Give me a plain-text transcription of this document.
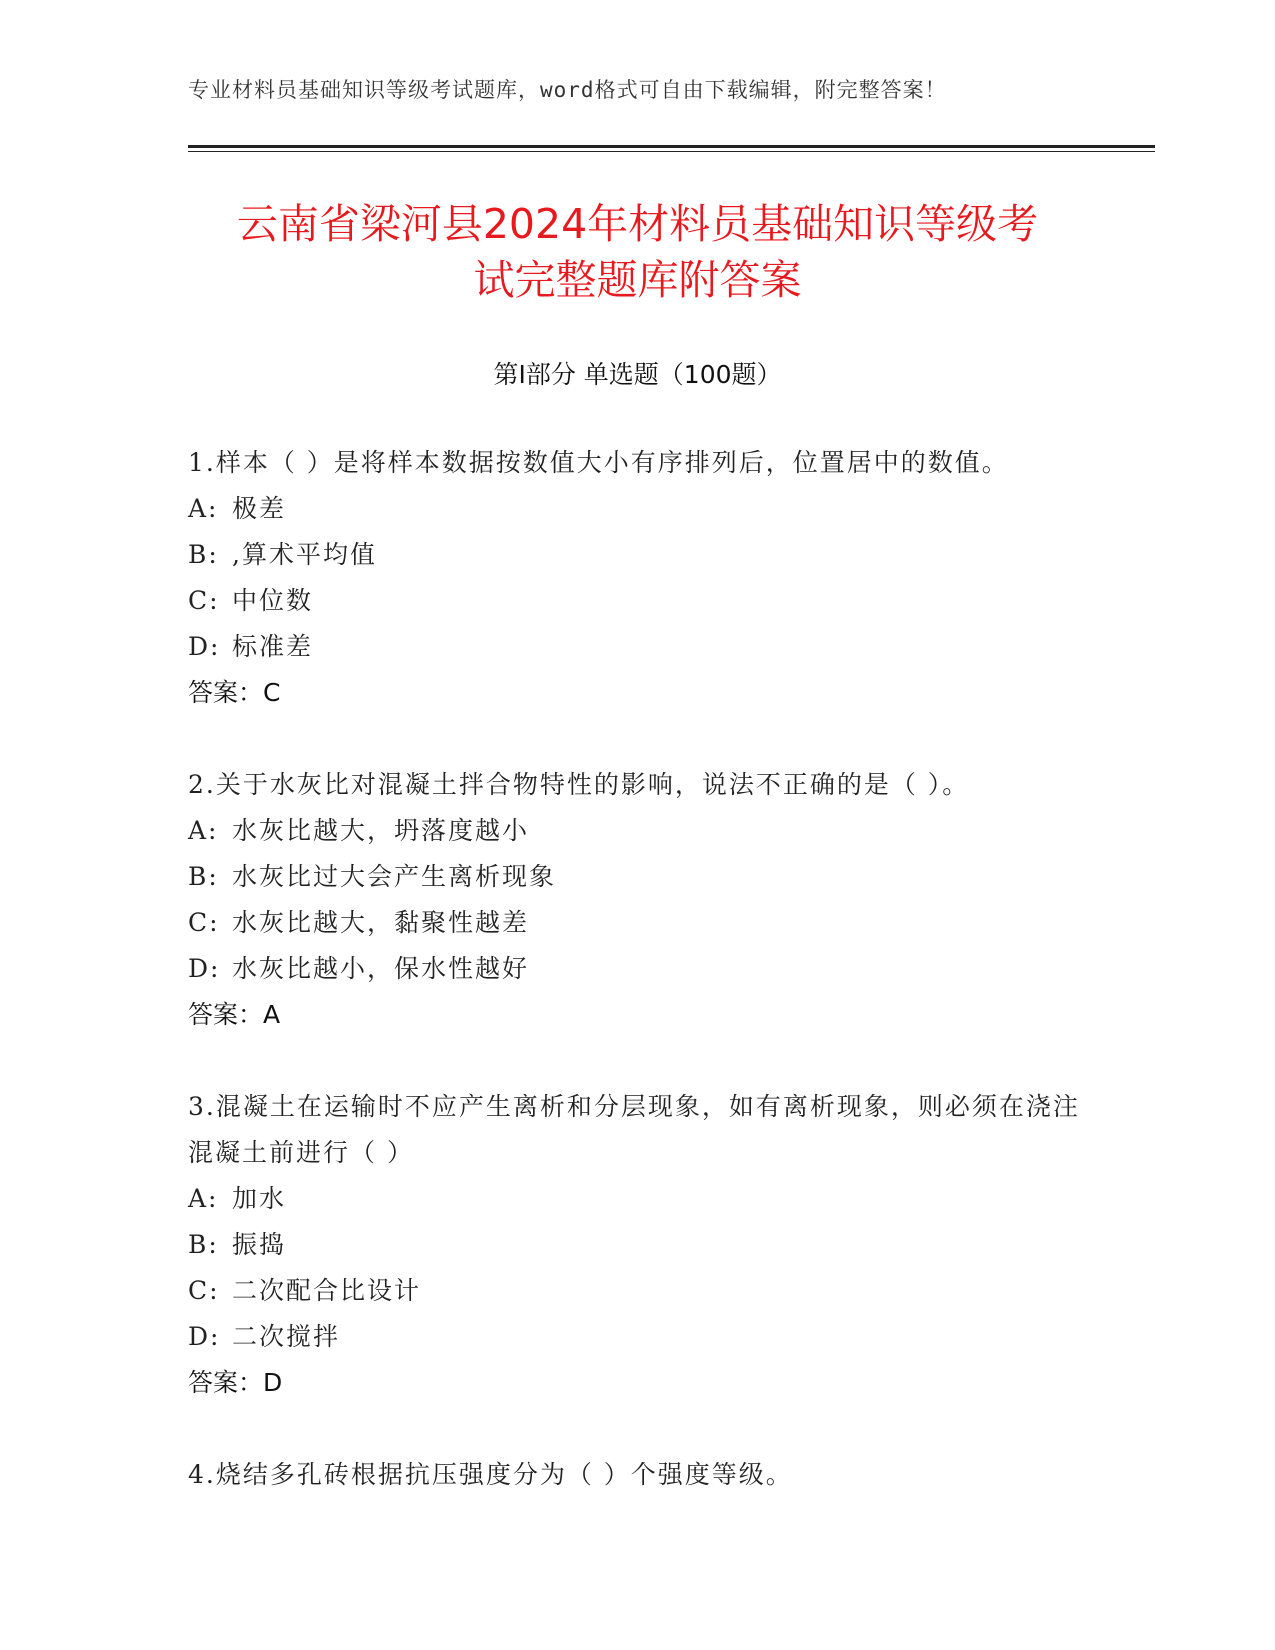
专业材料员基础知识等级考试题库，word格式可自由下载编辑，附完整答案！
云南省梁河县2024年材料员基础知识等级考
试完整题库附答案
第Ⅰ部分 单选题（100题）

1.样本（ ）是将样本数据按数值大小有序排列后，位置居中的数值。

A: 极差

B: ,算术平均值

C: 中位数

D: 标准差

答案：C

2.关于水灰比对混凝土拌合物特性的影响，说法不正确的是（ ）。

A: 水灰比越大，坍落度越小

B: 水灰比过大会产生离析现象

C: 水灰比越大，黏聚性越差

D: 水灰比越小，保水性越好

答案：A

3.混凝土在运输时不应产生离析和分层现象，如有离析现象，则必须在浇注混凝土前进行（ ）

A: 加水

B: 振捣

C: 二次配合比设计

D: 二次搅拌

答案：D

4.烧结多孔砖根据抗压强度分为（ ）个强度等级。
